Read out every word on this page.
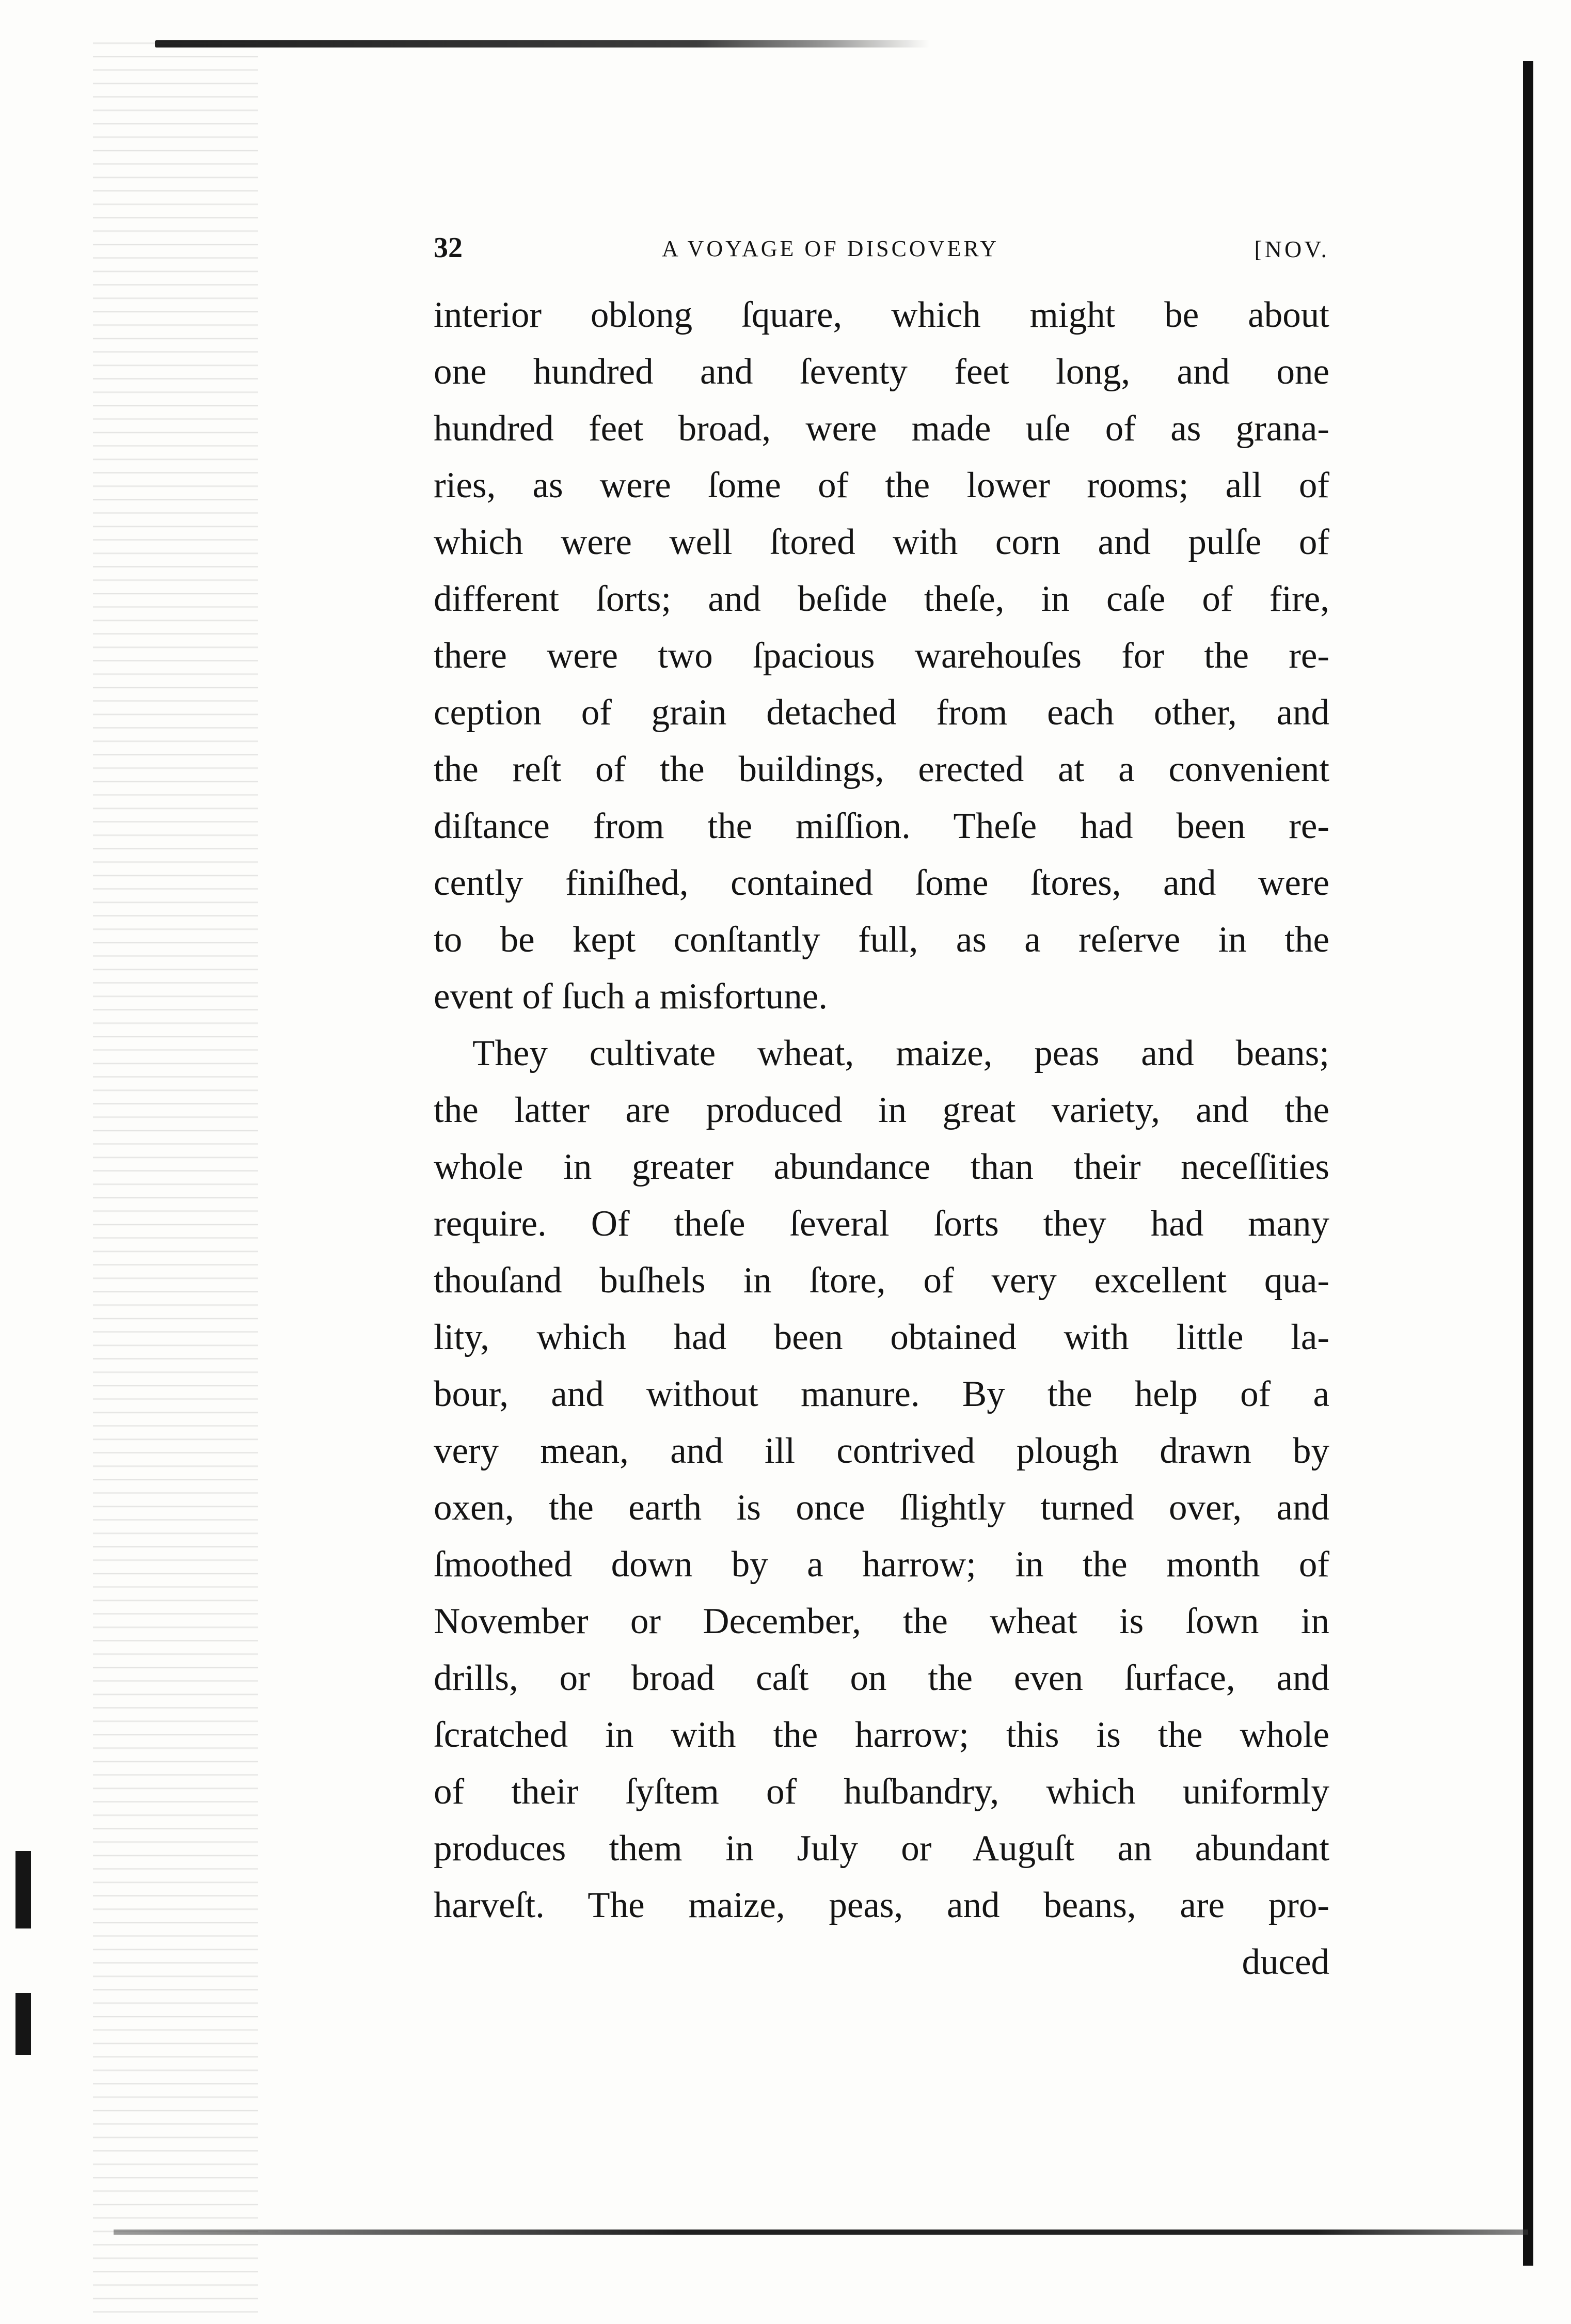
32	A VOYAGE OF DISCOVERY	[NOV.
interior oblong ſquare, which might be about
one hundred and ſeventy feet long, and one
hundred feet broad, were made uſe of as grana-
ries, as were ſome of the lower rooms; all of
which were well ſtored with corn and pulſe of
different ſorts; and beſide theſe, in caſe of fire,
there were two ſpacious warehouſes for the re-
ception of grain detached from each other, and
the reſt of the buildings, erected at a convenient
diſtance from the miſſion. Theſe had been re-
cently finiſhed, contained ſome ſtores, and were
to be kept conſtantly full, as a reſerve in the
event of ſuch a misfortune.
They cultivate wheat, maize, peas and beans;
the latter are produced in great variety, and the
whole in greater abundance than their neceſſities
require. Of theſe ſeveral ſorts they had many
thouſand buſhels in ſtore, of very excellent qua-
lity, which had been obtained with little la-
bour, and without manure. By the help of a
very mean, and ill contrived plough drawn by
oxen, the earth is once ſlightly turned over, and
ſmoothed down by a harrow; in the month of
November or December, the wheat is ſown in
drills, or broad caſt on the even ſurface, and
ſcratched in with the harrow; this is the whole
of their ſyſtem of huſbandry, which uniformly
produces them in July or Auguſt an abundant
harveſt. The maize, peas, and beans, are pro-
duced
